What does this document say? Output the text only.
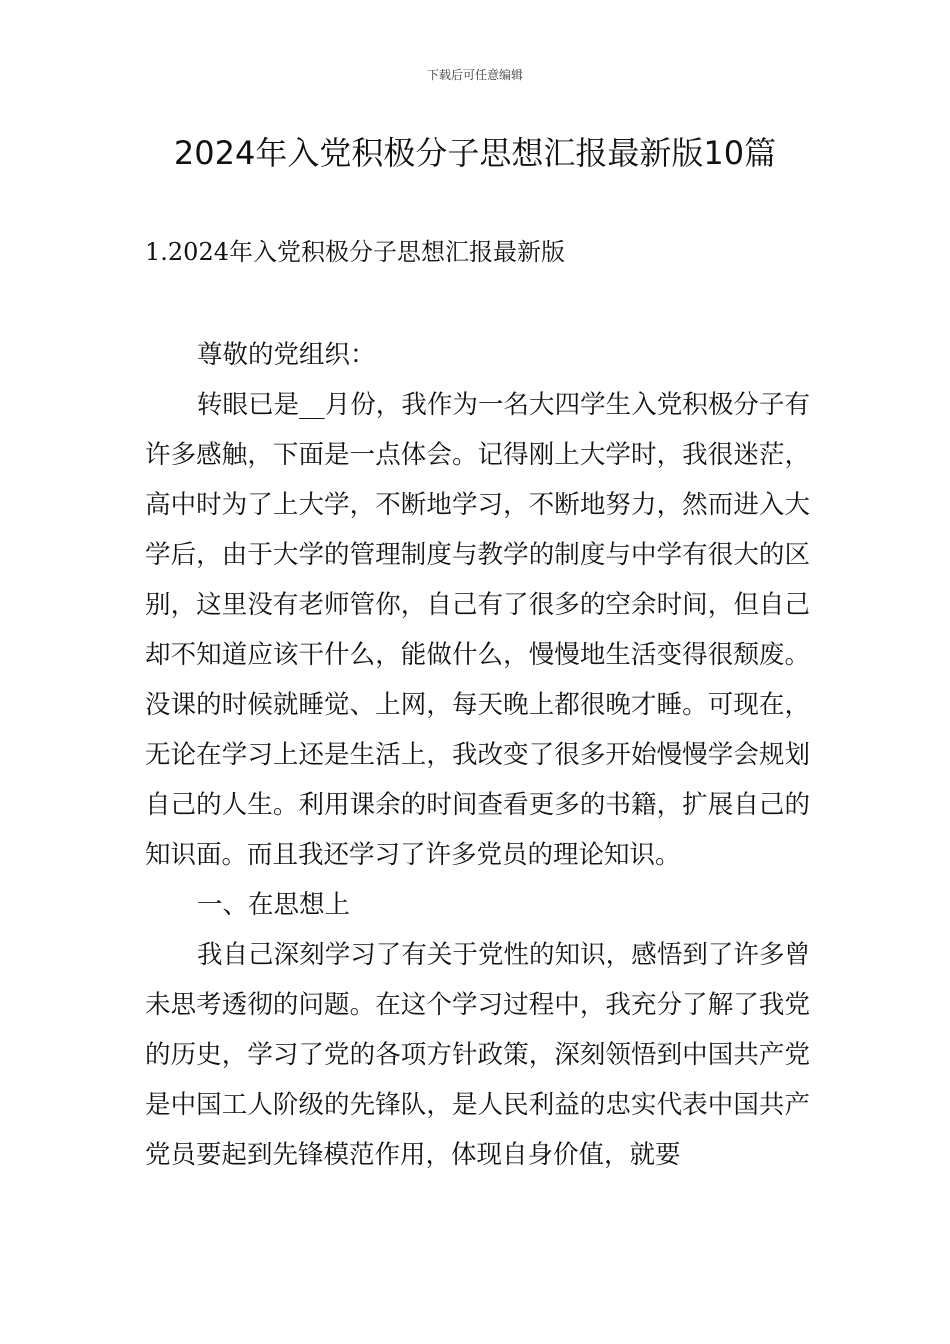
下载后可任意编辑
2024年入党积极分子思想汇报最新版10篇
1.2024年入党积极分子思想汇报最新版

尊敬的党组织：

转眼已是__月份，我作为一名大四学生入党积极分子有许多感触，下面是一点体会。记得刚上大学时，我很迷茫，高中时为了上大学，不断地学习，不断地努力，然而进入大学后，由于大学的管理制度与教学的制度与中学有很大的区别，这里没有老师管你，自己有了很多的空余时间，但自己却不知道应该干什么，能做什么，慢慢地生活变得很颓废。没课的时候就睡觉、上网，每天晚上都很晚才睡。可现在，无论在学习上还是生活上，我改变了很多开始慢慢学会规划自己的人生。利用课余的时间查看更多的书籍，扩展自己的知识面。而且我还学习了许多党员的理论知识。

一、在思想上

我自己深刻学习了有关于党性的知识，感悟到了许多曾未思考透彻的问题。在这个学习过程中，我充分了解了我党的历史，学习了党的各项方针政策，深刻领悟到中国共产党是中国工人阶级的先锋队，是人民利益的忠实代表中国共产党员要起到先锋模范作用，体现自身价值，就要
